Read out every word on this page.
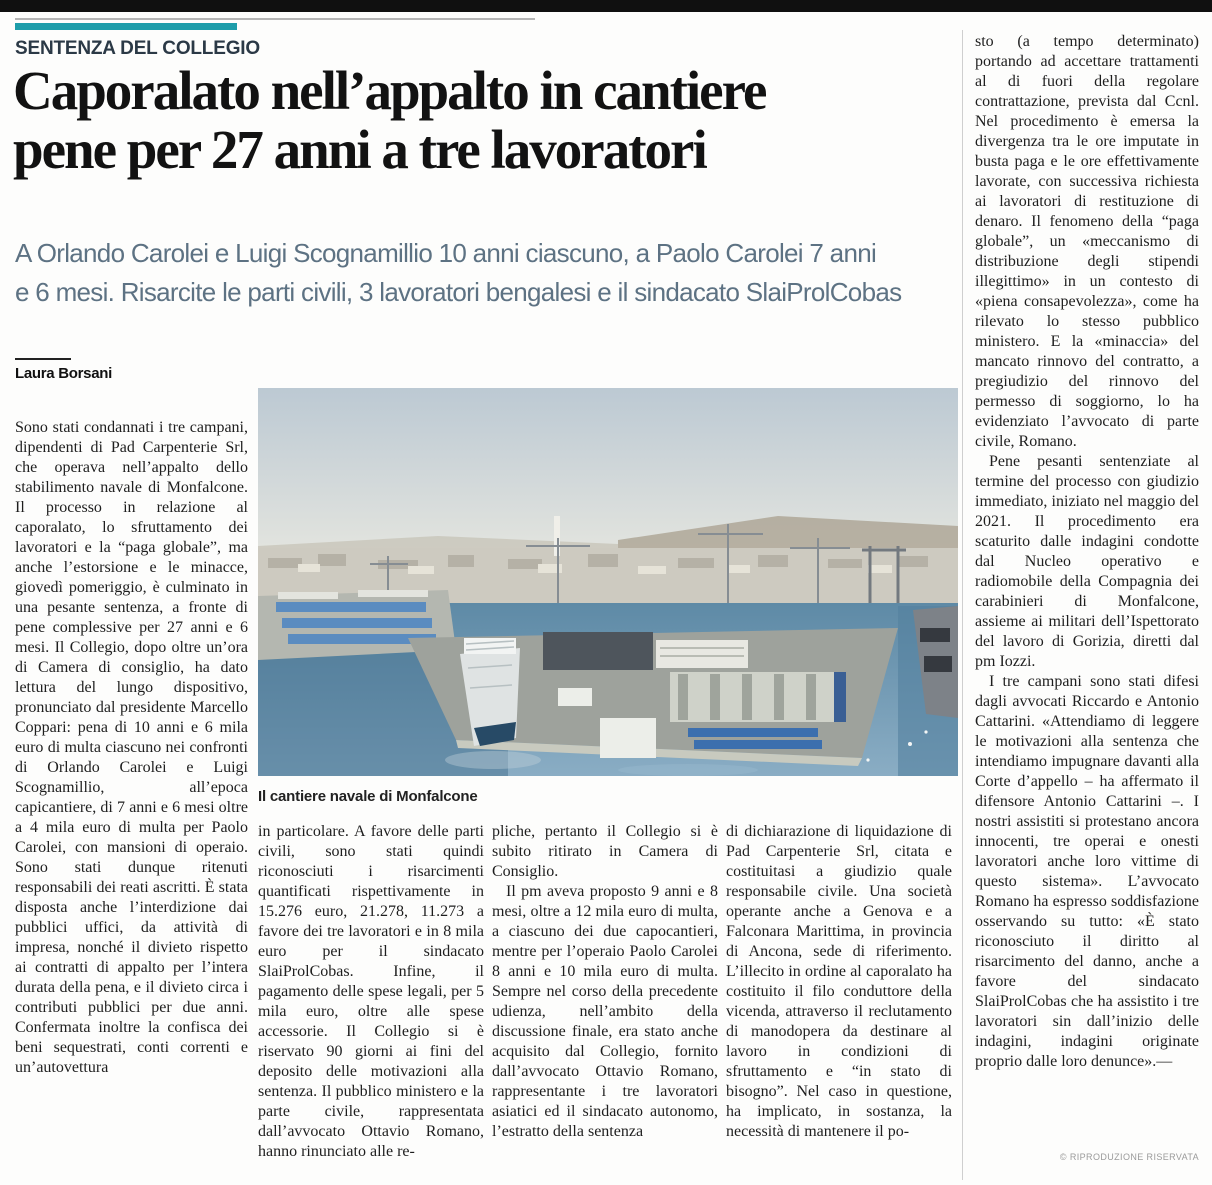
SENTENZA DEL COLLEGIO
Caporalato nell’appalto in cantiere
pene per 27 anni a tre lavoratori
A Orlando Carolei e Luigi Scognamillio 10 anni ciascuno, a Paolo Carolei 7 anni
e 6 mesi. Risarcite le parti civili, 3 lavoratori bengalesi e il sindacato SlaiProlCobas
Laura Borsani

Sono stati condannati i tre campani, dipendenti di Pad Carpenterie Srl, che operava nell’appalto dello stabilimento navale di Monfalcone. Il processo in relazione al caporalato, lo sfruttamento dei lavoratori e la “paga globale”, ma anche l’estorsione e le minacce, giovedì pomeriggio, è culminato in una pesante sentenza, a fronte di pene complessive per 27 anni e 6 mesi. Il Collegio, dopo oltre un’ora di Camera di consiglio, ha dato lettura del lungo dispositivo, pronunciato dal presidente Marcello Coppari: pena di 10 anni e 6 mila euro di multa ciascuno nei confronti di Orlando Carolei e Luigi Scognamillio, all’epoca capicantiere, di 7 anni e 6 mesi oltre a 4 mila euro di multa per Paolo Carolei, con mansioni di operaio. Sono stati dunque ritenuti responsabili dei reati ascritti. È stata disposta anche l’interdizione dai pubblici uffici, da attività di impresa, nonché il divieto rispetto ai contratti di appalto per l’intera durata della pena, e il divieto circa i contributi pubblici per due anni. Confermata inoltre la confisca dei beni sequestrati, conti correnti e un’autovettura

Il cantiere navale di Monfalcone

in particolare. A favore delle parti civili, sono stati quindi riconosciuti i risarcimenti quantificati rispettivamente in 15.276 euro, 21.278, 11.273 a favore dei tre lavoratori e in 8 mila euro per il sindacato SlaiProlCobas. Infine, il pagamento delle spese legali, per 5 mila euro, oltre alle spese accessorie. Il Collegio si è riservato 90 giorni ai fini del deposito delle motivazioni alla sentenza. Il pubblico ministero e la parte civile, rappresentata dall’avvocato Ottavio Romano, hanno rinunciato alle re-

pliche, pertanto il Collegio si è subito ritirato in Camera di Consiglio.

Il pm aveva proposto 9 anni e 8 mesi, oltre a 12 mila euro di multa, a ciascuno dei due capocantieri, mentre per l’operaio Paolo Carolei 8 anni e 10 mila euro di multa. Sempre nel corso della precedente udienza, nell’ambito della discussione finale, era stato anche acquisito dal Collegio, fornito dall’avvocato Ottavio Romano, rappresentante i tre lavoratori asiatici ed il sindacato autonomo, l’estratto della sentenza

di dichiarazione di liquidazione di Pad Carpenterie Srl, citata e costituitasi a giudizio quale responsabile civile. Una società operante anche a Genova e a Falconara Marittima, in provincia di Ancona, sede di riferimento. L’illecito in ordine al caporalato ha costituito il filo conduttore della vicenda, attraverso il reclutamento di manodopera da destinare al lavoro in condizioni di sfruttamento e “in stato di bisogno”. Nel caso in questione, ha implicato, in sostanza, la necessità di mantenere il po-

sto (a tempo determinato) portando ad accettare trattamenti al di fuori della regolare contrattazione, prevista dal Ccnl. Nel procedimento è emersa la divergenza tra le ore imputate in busta paga e le ore effettivamente lavorate, con successiva richiesta ai lavoratori di restituzione di denaro. Il fenomeno della “paga globale”, un «meccanismo di distribuzione degli stipendi illegittimo» in un contesto di «piena consapevolezza», come ha rilevato lo stesso pubblico ministero. E la «minaccia» del mancato rinnovo del contratto, a pregiudizio del rinnovo del permesso di soggiorno, lo ha evidenziato l’avvocato di parte civile, Romano.

Pene pesanti sentenziate al termine del processo con giudizio immediato, iniziato nel maggio del 2021. Il procedimento era scaturito dalle indagini condotte dal Nucleo operativo e radiomobile della Compagnia dei carabinieri di Monfalcone, assieme ai militari dell’Ispettorato del lavoro di Gorizia, diretti dal pm Iozzi.

I tre campani sono stati difesi dagli avvocati Riccardo e Antonio Cattarini. «Attendiamo di leggere le motivazioni alla sentenza che intendiamo impugnare davanti alla Corte d’appello – ha affermato il difensore Antonio Cattarini –. I nostri assistiti si protestano ancora innocenti, tre operai e onesti lavoratori anche loro vittime di questo sistema». L’avvocato Romano ha espresso soddisfazione osservando su tutto: «È stato riconosciuto il diritto al risarcimento del danno, anche a favore del sindacato SlaiProlCobas che ha assistito i tre lavoratori sin dall’inizio delle indagini, indagini originate proprio dalle loro denunce».—

© RIPRODUZIONE RISERVATA
